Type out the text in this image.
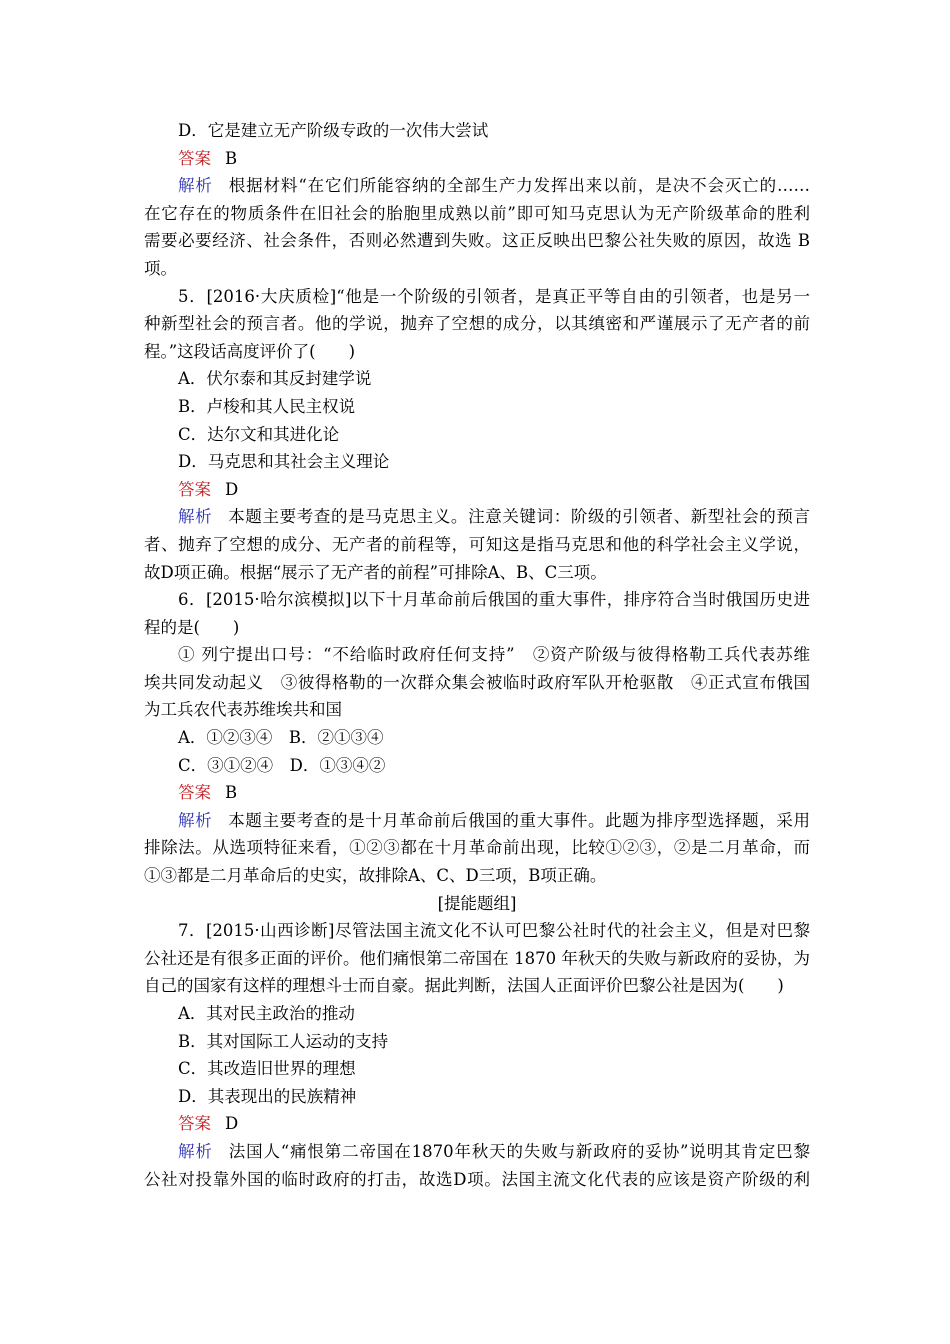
D．它是建立无产阶级专政的一次伟大尝试
答案 B
解析 根据材料“在它们所能容纳的全部生产力发挥出来以前，是决不会灭亡的……
在它存在的物质条件在旧社会的胎胞里成熟以前”即可知马克思认为无产阶级革命的胜利
需要必要经济、社会条件，否则必然遭到失败。这正反映出巴黎公社失败的原因，故选 B
项。
5．[2016·大庆质检]“他是一个阶级的引领者，是真正平等自由的引领者，也是另一
种新型社会的预言者。他的学说，抛弃了空想的成分，以其缜密和严谨展示了无产者的前
程。”这段话高度评价了(　　)
A．伏尔泰和其反封建学说
B．卢梭和其人民主权说
C．达尔文和其进化论
D．马克思和其社会主义理论
答案 D
解析 本题主要考查的是马克思主义。注意关键词：阶级的引领者、新型社会的预言
者、抛弃了空想的成分、无产者的前程等，可知这是指马克思和他的科学社会主义学说，
故D项正确。根据“展示了无产者的前程”可排除A、B、C三项。
6．[2015·哈尔滨模拟]以下十月革命前后俄国的重大事件，排序符合当时俄国历史进
程的是(　　)
① 列宁提出口号：“不给临时政府任何支持”　②资产阶级与彼得格勒工兵代表苏维
埃共同发动起义　③彼得格勒的一次群众集会被临时政府军队开枪驱散　④正式宣布俄国
为工兵农代表苏维埃共和国
A．①②③④　B．②①③④
C．③①②④　D．①③④②
答案 B
解析 本题主要考查的是十月革命前后俄国的重大事件。此题为排序型选择题，采用
排除法。从选项特征来看，①②③都在十月革命前出现，比较①②③，②是二月革命，而
①③都是二月革命后的史实，故排除A、C、D三项，B项正确。
[提能题组]
7．[2015·山西诊断]尽管法国主流文化不认可巴黎公社时代的社会主义，但是对巴黎
公社还是有很多正面的评价。他们痛恨第二帝国在 1870 年秋天的失败与新政府的妥协，为
自己的国家有这样的理想斗士而自豪。据此判断，法国人正面评价巴黎公社是因为(　　)
A．其对民主政治的推动
B．其对国际工人运动的支持
C．其改造旧世界的理想
D．其表现出的民族精神
答案 D
解析 法国人“痛恨第二帝国在1870年秋天的失败与新政府的妥协”说明其肯定巴黎
公社对投靠外国的临时政府的打击，故选D项。法国主流文化代表的应该是资产阶级的利
